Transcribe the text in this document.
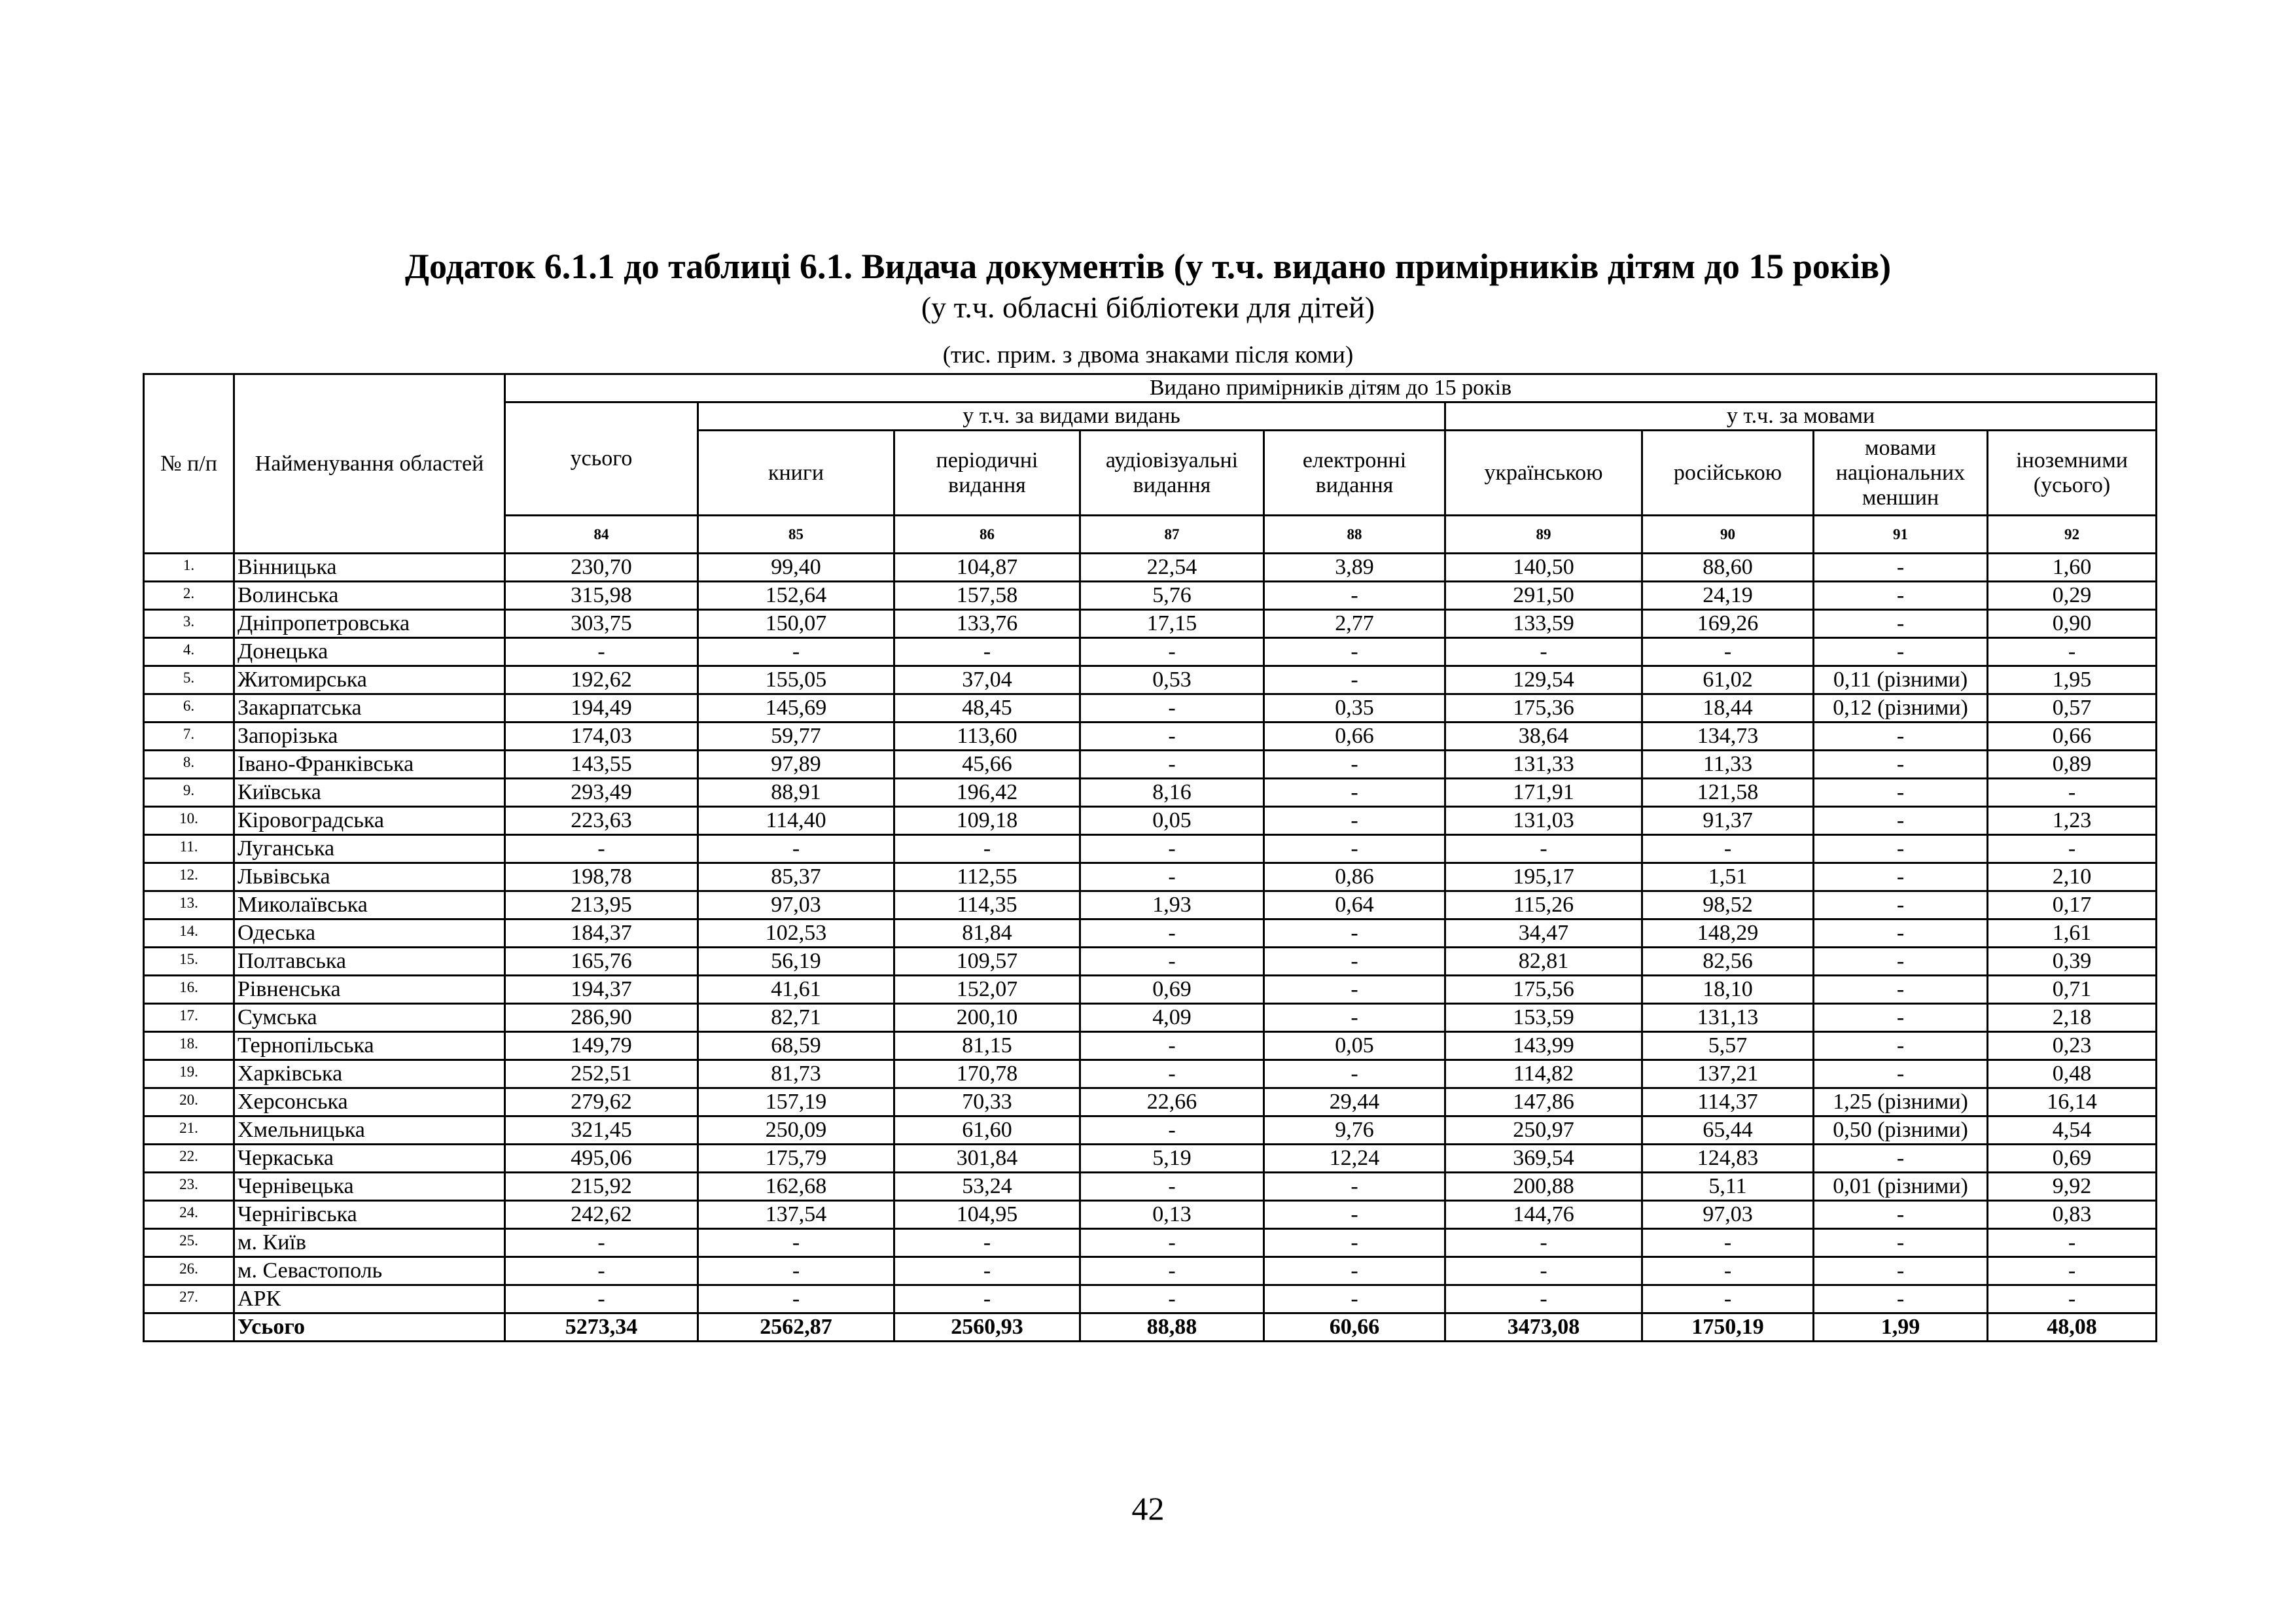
Додаток 6.1.1 до таблиці 6.1. Видача документів (у т.ч. видано примірників дітям до 15 років)
(у т.ч. обласні бібліотеки для дітей)
(тис. прим. з двома знаками після коми)
№ п/п	Найменування областей	Видано примірників дітям до 15 років								
		усього	у т.ч. за видами видань				у т.ч. за мовами			
			книги	періодичні видання	аудіовізуальні видання	електронні видання	українською	російською	мовами національних меншин	іноземними (усього)
		84	85	86	87	88	89	90	91	92
1.	Вінницька	230,70	99,40	104,87	22,54	3,89	140,50	88,60	-	1,60
2.	Волинська	315,98	152,64	157,58	5,76	-	291,50	24,19	-	0,29
3.	Дніпропетровська	303,75	150,07	133,76	17,15	2,77	133,59	169,26	-	0,90
4.	Донецька	-	-	-	-	-	-	-	-	-
5.	Житомирська	192,62	155,05	37,04	0,53	-	129,54	61,02	0,11 (різними)	1,95
6.	Закарпатська	194,49	145,69	48,45	-	0,35	175,36	18,44	0,12 (різними)	0,57
7.	Запорізька	174,03	59,77	113,60	-	0,66	38,64	134,73	-	0,66
8.	Івано-Франківська	143,55	97,89	45,66	-	-	131,33	11,33	-	0,89
9.	Київська	293,49	88,91	196,42	8,16	-	171,91	121,58	-	-
10.	Кіровоградська	223,63	114,40	109,18	0,05	-	131,03	91,37	-	1,23
11.	Луганська	-	-	-	-	-	-	-	-	-
12.	Львівська	198,78	85,37	112,55	-	0,86	195,17	1,51	-	2,10
13.	Миколаївська	213,95	97,03	114,35	1,93	0,64	115,26	98,52	-	0,17
14.	Одеська	184,37	102,53	81,84	-	-	34,47	148,29	-	1,61
15.	Полтавська	165,76	56,19	109,57	-	-	82,81	82,56	-	0,39
16.	Рівненська	194,37	41,61	152,07	0,69	-	175,56	18,10	-	0,71
17.	Сумська	286,90	82,71	200,10	4,09	-	153,59	131,13	-	2,18
18.	Тернопільська	149,79	68,59	81,15	-	0,05	143,99	5,57	-	0,23
19.	Харківська	252,51	81,73	170,78	-	-	114,82	137,21	-	0,48
20.	Херсонська	279,62	157,19	70,33	22,66	29,44	147,86	114,37	1,25 (різними)	16,14
21.	Хмельницька	321,45	250,09	61,60	-	9,76	250,97	65,44	0,50 (різними)	4,54
22.	Черкаська	495,06	175,79	301,84	5,19	12,24	369,54	124,83	-	0,69
23.	Чернівецька	215,92	162,68	53,24	-	-	200,88	5,11	0,01 (різними)	9,92
24.	Чернігівська	242,62	137,54	104,95	0,13	-	144,76	97,03	-	0,83
25.	м. Київ	-	-	-	-	-	-	-	-	-
26.	м. Севастополь	-	-	-	-	-	-	-	-	-
27.	АРК	-	-	-	-	-	-	-	-	-
	Усього	5273,34	2562,87	2560,93	88,88	60,66	3473,08	1750,19	1,99	48,08
42
